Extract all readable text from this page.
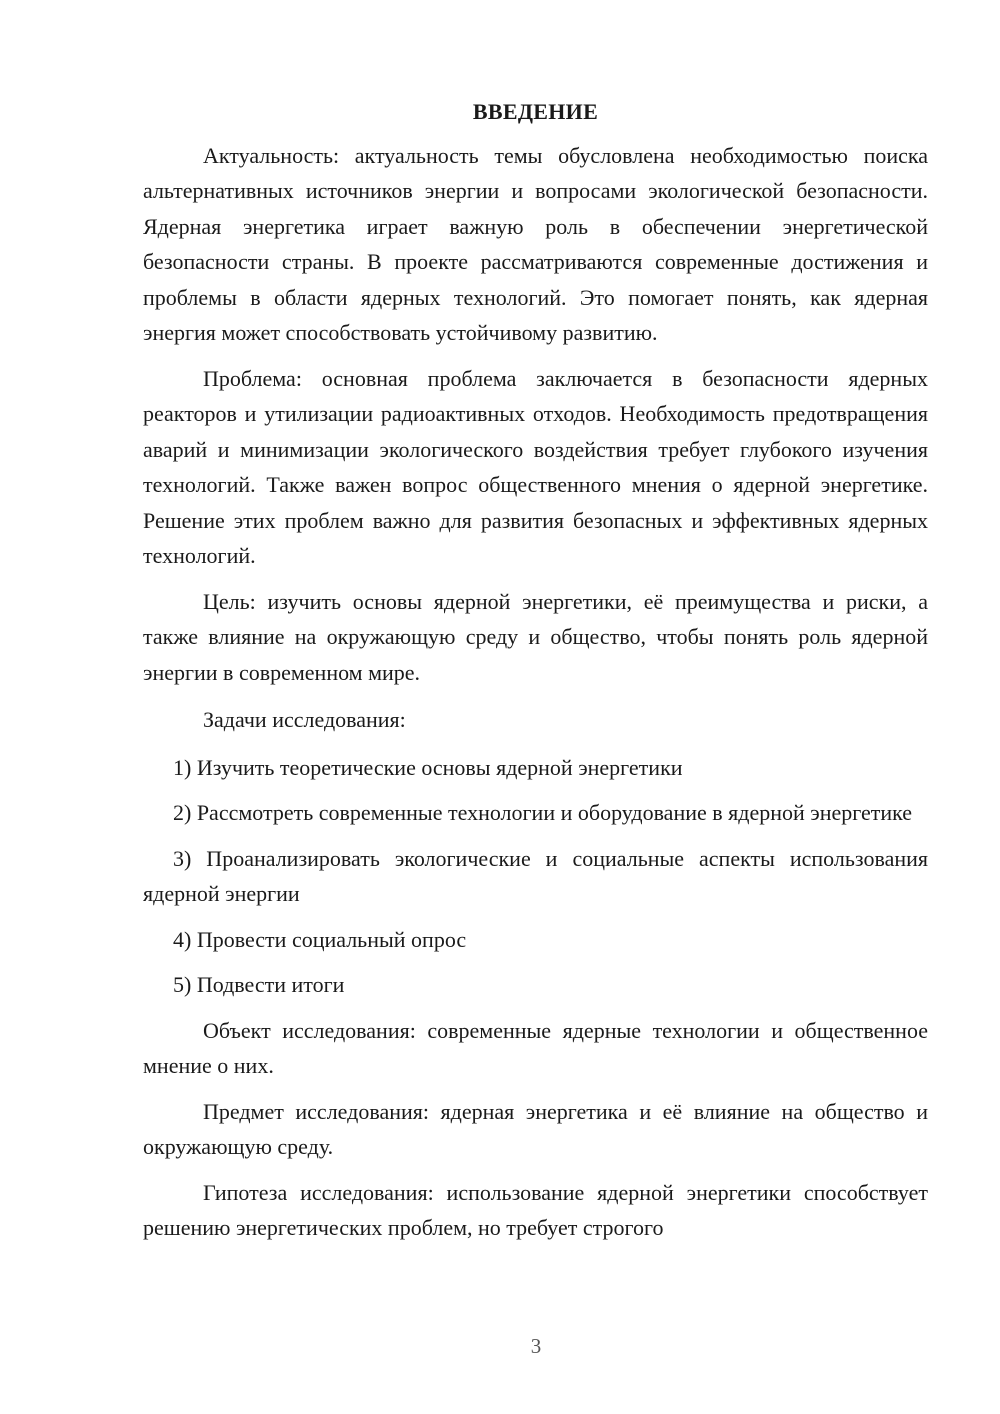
ВВЕДЕНИЕ

Актуальность: актуальность темы обусловлена необходимостью поиска альтернативных источников энергии и вопросами экологической безопасности. Ядерная энергетика играет важную роль в обеспечении энергетической безопасности страны. В проекте рассматриваются современные достижения и проблемы в области ядерных технологий. Это помогает понять, как ядерная энергия может способствовать устойчивому развитию.

Проблема: основная проблема заключается в безопасности ядерных реакторов и утилизации радиоактивных отходов. Необходимость предотвращения аварий и минимизации экологического воздействия требует глубокого изучения технологий. Также важен вопрос общественного мнения о ядерной энергетике. Решение этих проблем важно для развития безопасных и эффективных ядерных технологий.

Цель: изучить основы ядерной энергетики, её преимущества и риски, а также влияние на окружающую среду и общество, чтобы понять роль ядерной энергии в современном мире.

Задачи исследования:

1) Изучить теоретические основы ядерной энергетики

2) Рассмотреть современные технологии и оборудование в ядерной энергетике

3) Проанализировать экологические и социальные аспекты использования ядерной энергии

4) Провести социальный опрос

5) Подвести итоги

Объект исследования: современные ядерные технологии и общественное мнение о них.

Предмет исследования: ядерная энергетика и её влияние на общество и окружающую среду.

Гипотеза исследования: использование ядерной энергетики способствует решению энергетических проблем, но требует строгого

3
